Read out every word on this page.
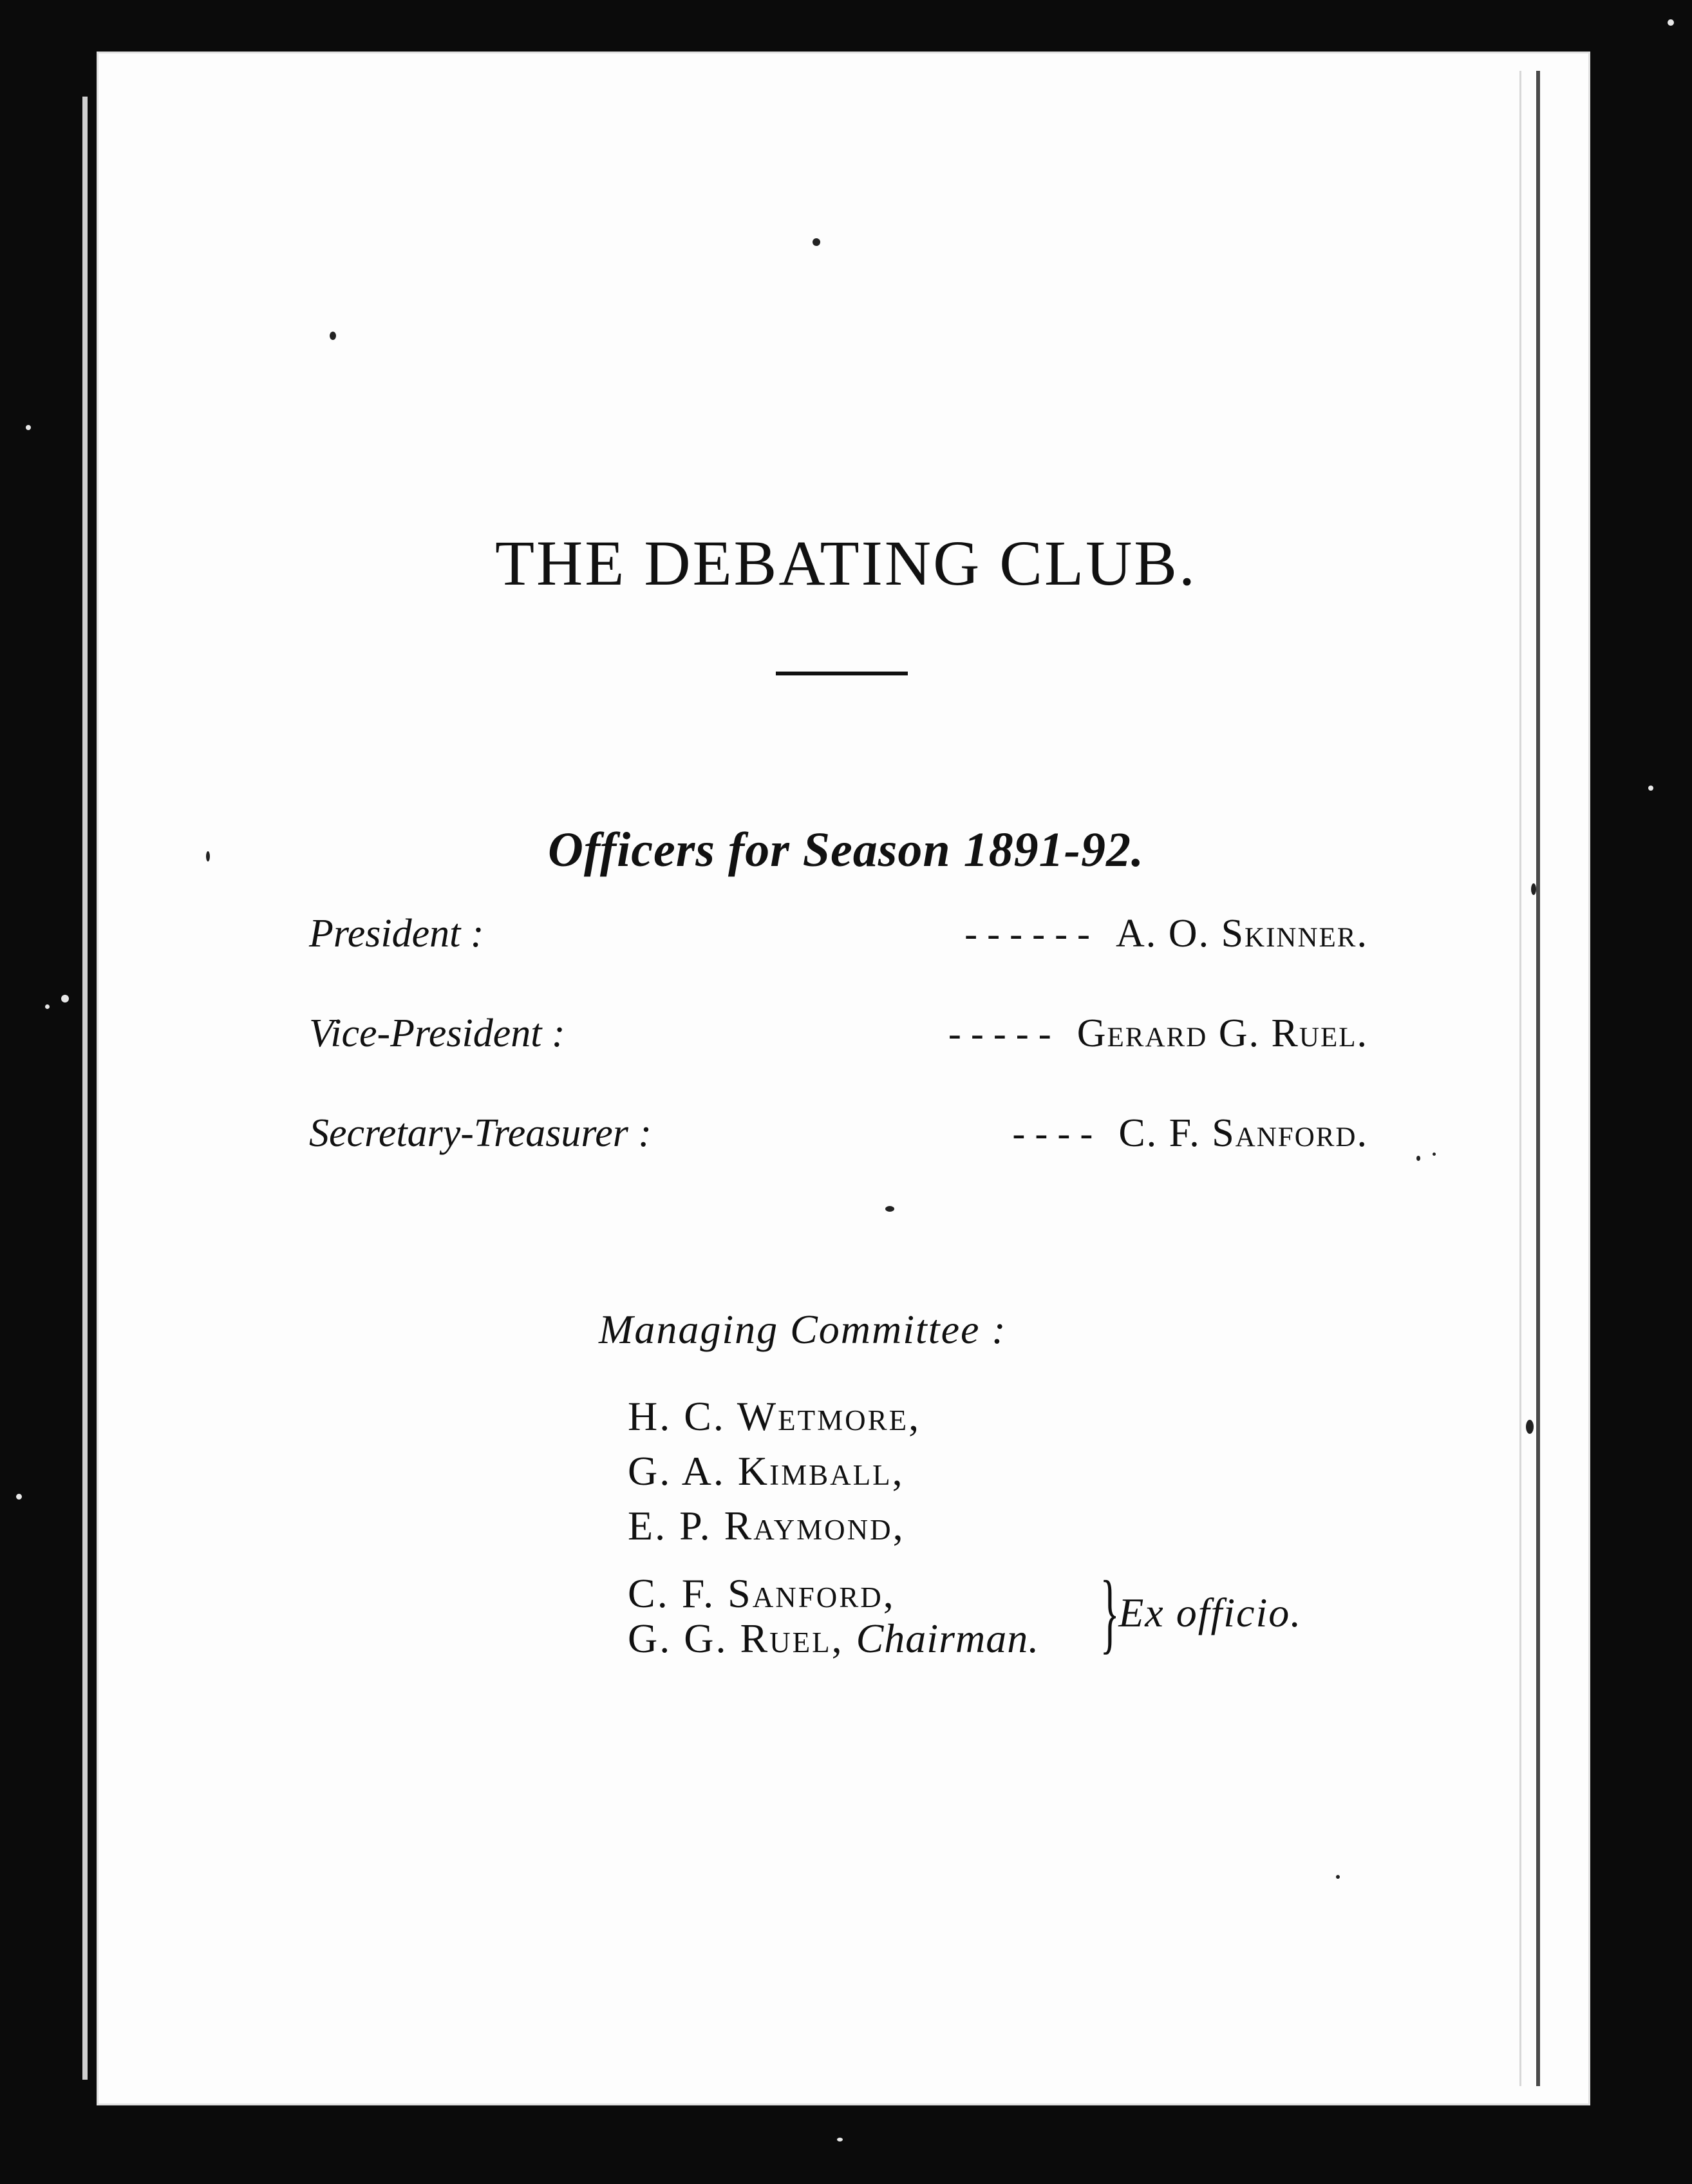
THE DEBATING CLUB.
Officers for Season 1891-92.
President :	- - - - - - A. O. Skinner.
Vice-President :	- - - - - Gerard G. Ruel.
Secretary-Treasurer :	- - - - C. F. Sanford.
Managing Committee :
H. C. Wetmore,
G. A. Kimball,
E. P. Raymond,
C. F. Sanford,
G. G. Ruel, Chairman. }
Ex officio.
